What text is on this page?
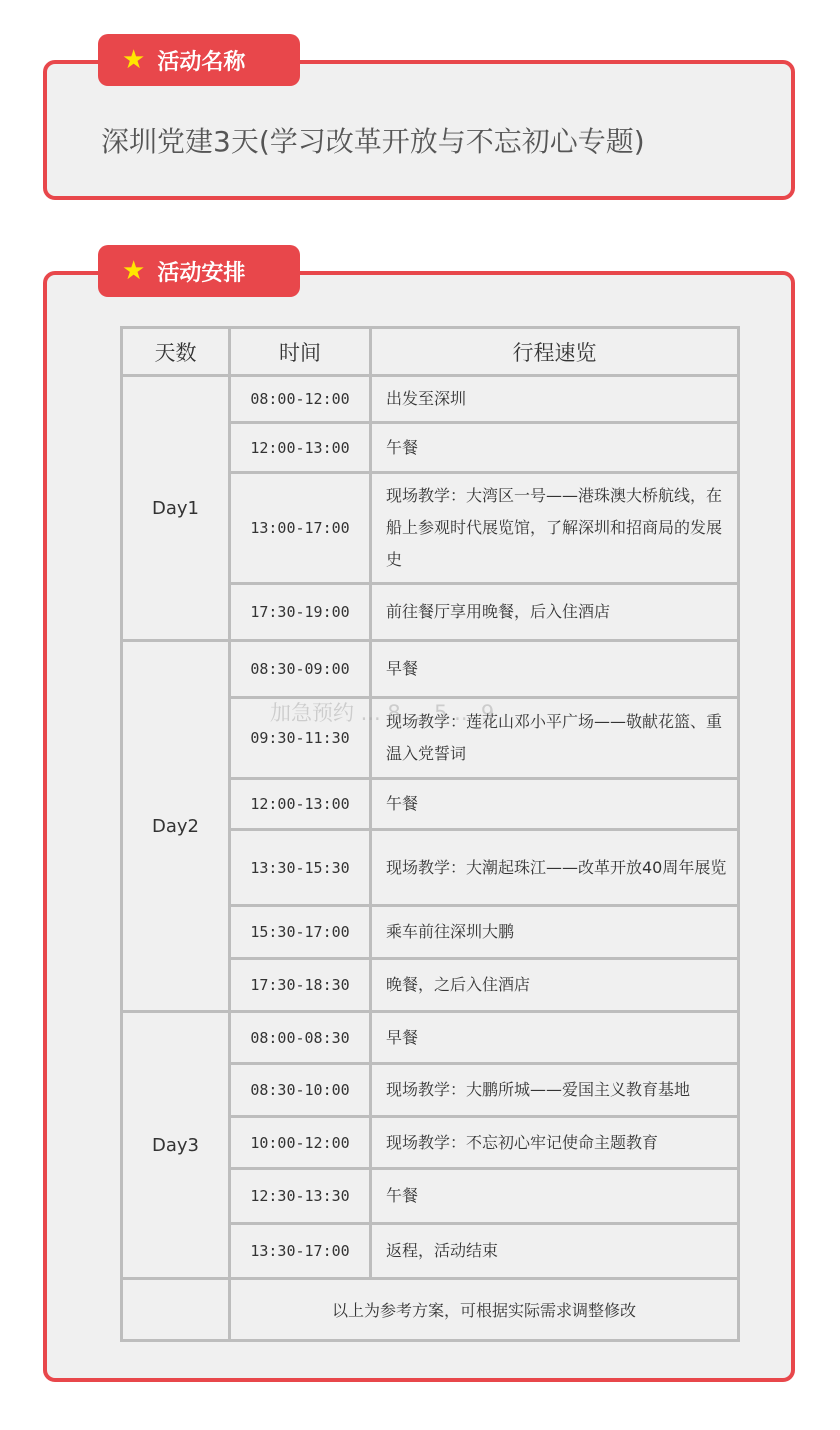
★ 活动名称
深圳党建3天(学习改革开放与不忘初心专题)
★ 活动安排
天数	时间	行程速览
Day1	08:00-12:00	出发至深圳
	12:00-13:00	午餐
	13:00-17:00	现场教学：大湾区一号——港珠澳大桥航线，在船上参观时代展览馆，了解深圳和招商局的发展史
	17:30-19:00	前往餐厅享用晚餐，后入住酒店
Day2	08:30-09:00	早餐
	09:30-11:30	现场教学：莲花山邓小平广场——敬献花篮、重温入党誓词
	12:00-13:00	午餐
	13:30-15:30	现场教学：大潮起珠江——改革开放40周年展览
	15:30-17:00	乘车前往深圳大鹏
	17:30-18:30	晚餐，之后入住酒店
Day3	08:00-08:30	早餐
	08:30-10:00	现场教学：大鹏所城——爱国主义教育基地
	10:00-12:00	现场教学：不忘初心牢记使命主题教育
	12:30-13:30	午餐
	13:30-17:00	返程，活动结束
	以上为参考方案，可根据实际需求调整修改	
加急预约 ... 8 ... 5 ... 9
